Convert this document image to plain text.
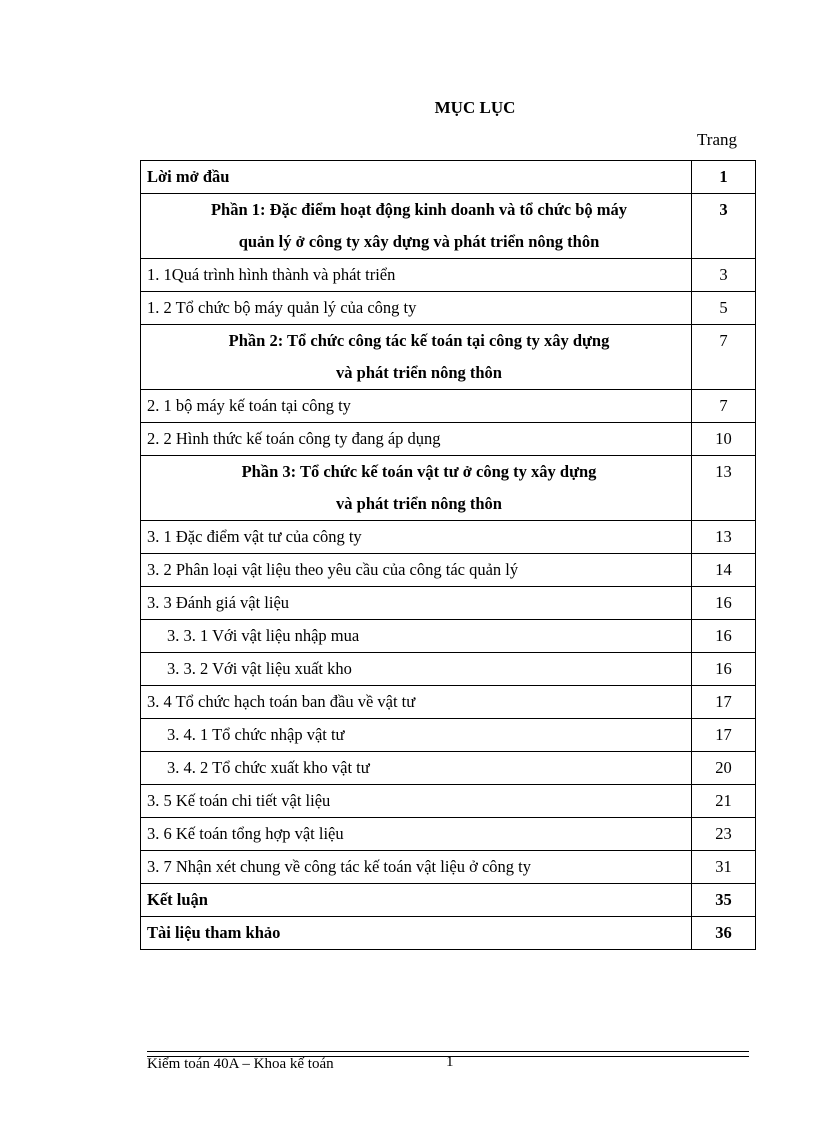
MỤC LỤC
Trang
Lời mở đầu	1

Phần 1: Đặc điểm hoạt động kinh doanh và tổ chức bộ máy
quản lý ở công ty xây dựng và phát triển nông thôn	3
1. 1Quá trình hình thành và phát triển	3
1. 2 Tổ chức bộ máy quản lý của công ty	5

Phần 2: Tổ chức công tác kế toán tại công ty xây dựng
và phát triển nông thôn	7
2. 1 bộ máy kế toán tại công ty	7
2. 2 Hình thức kế toán công ty đang áp dụng	10

Phần 3: Tổ chức kế toán vật tư ở công ty xây dựng
và phát triển nông thôn	13
3. 1 Đặc điểm vật tư của công ty	13
3. 2 Phân loại vật liệu theo yêu cầu của công tác quản lý	14
3. 3 Đánh giá vật liệu	16
3. 3. 1 Với vật liệu nhập mua	16
3. 3. 2 Với vật liệu xuất kho	16
3. 4 Tổ chức hạch toán ban đầu về vật tư	17
3. 4. 1 Tổ chức nhập vật tư	17
3. 4. 2 Tổ chức xuất kho vật tư	20
3. 5 Kế toán chi tiết vật liệu	21
3. 6 Kế toán tổng hợp vật liệu	23
3. 7 Nhận xét chung về công tác kế toán vật liệu ở công ty	31
Kết luận	35
Tài liệu tham khảo	36
Kiểm toán 40A – Khoa kế toán	1
